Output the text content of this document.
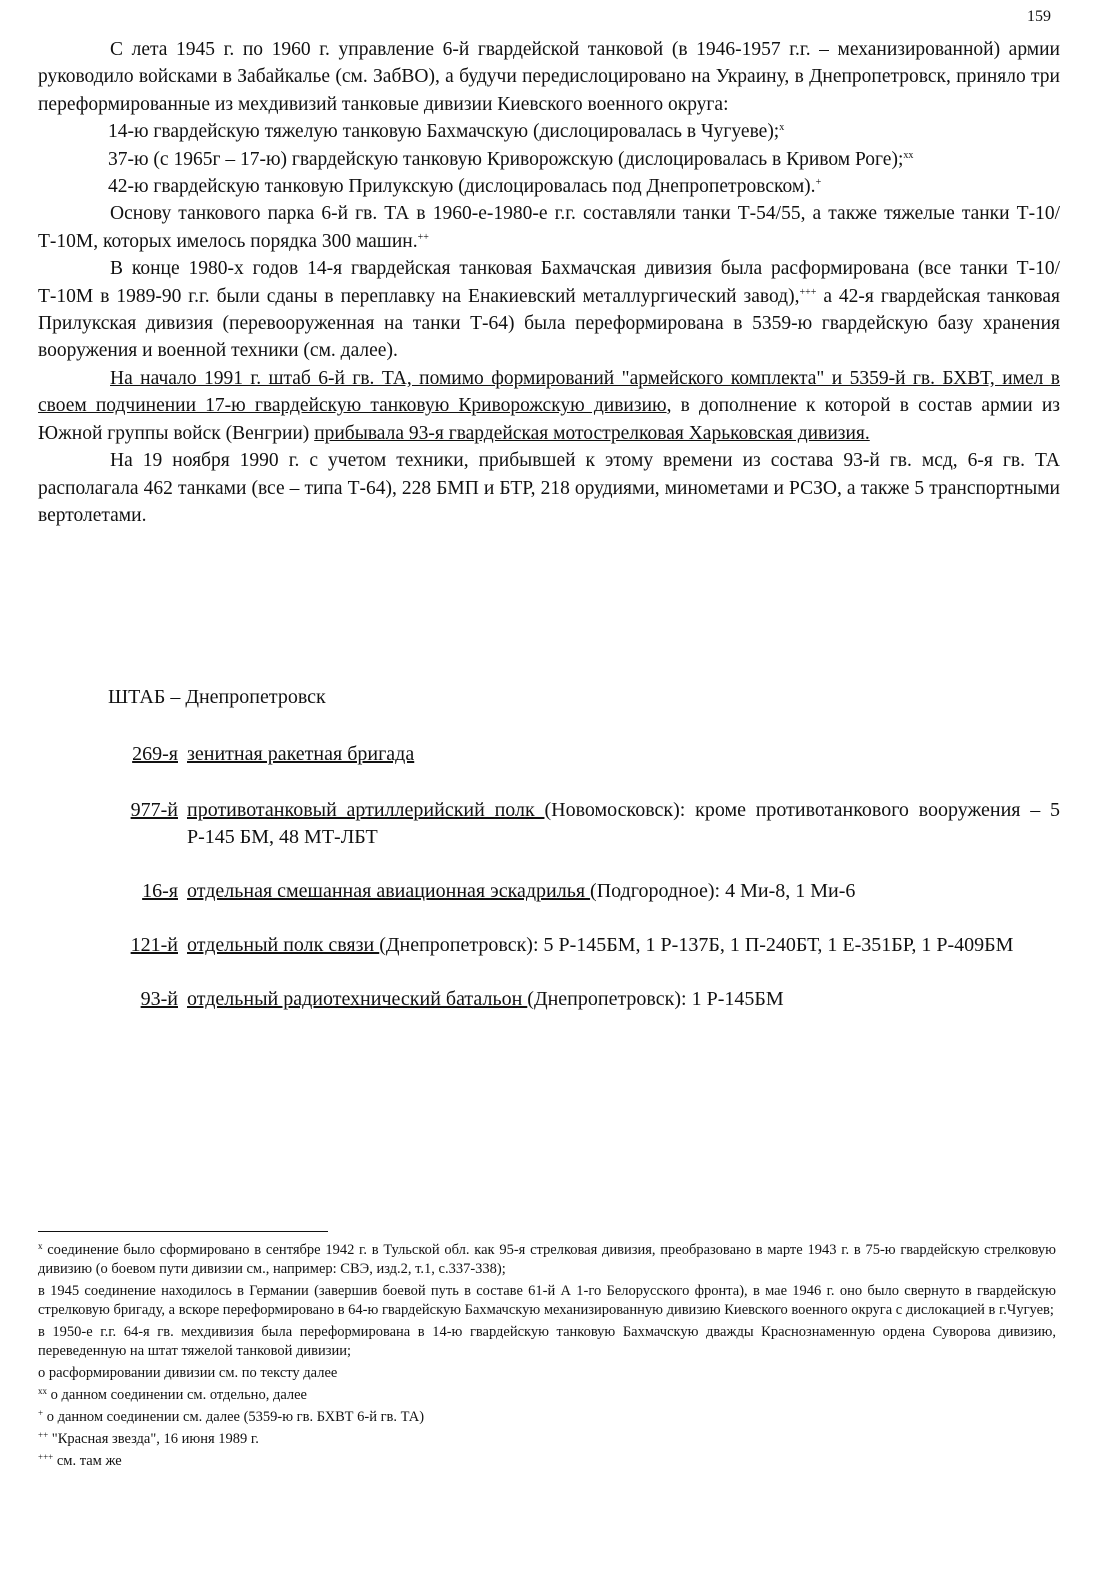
159

С лета 1945 г. по 1960 г. управление 6-й гвардейской танковой (в 1946-1957 г.г. – механизированной) армии руководило войсками в Забайкалье (см. ЗабВО), а будучи передислоцировано на Украину, в Днепропетровск, приняло три переформированные из мехдивизий танковые дивизии Киевского военного округа:

14-ю гвардейскую тяжелую танковую Бахмачскую (дислоцировалась в Чугуеве);$^x$

37-ю (с 1965г – 17-ю) гвардейскую танковую Криворожскую (дислоцировалась в Кривом Роге);$^{xx}$

42-ю гвардейскую танковую Прилукскую (дислоцировалась под Днепропетровском).+

Основу танкового парка 6-й гв. ТА в 1960-е-1980-е г.г. составляли танки Т-54/55, а также тяжелые танки Т-10/Т-10М, которых имелось порядка 300 машин.++

В конце 1980-х годов 14-я гвардейская танковая Бахмачская дивизия была расформирована (все танки Т-10/Т-10М в 1989-90 г.г. были сданы в переплавку на Енакиевский металлургический завод),+++ а 42-я гвардейская танковая Прилукская дивизия (перевооруженная на танки Т-64) была переформирована в 5359-ю гвардейскую базу хранения вооружения и военной техники (см. далее).

На начало 1991 г. штаб 6-й гв. ТА, помимо формирований "армейского комплекта" и 5359-й гв. БХВТ, имел в своем подчинении 17-ю гвардейскую танковую Криворожскую дивизию, в дополнение к которой в состав армии из Южной группы войск (Венгрии) прибывала 93-я гвардейская мотострелковая Харьковская дивизия.

На 19 ноября 1990 г. с учетом техники, прибывшей к этому времени из состава 93-й гв. мсд, 6-я гв. ТА располагала 462 танками (все – типа Т-64), 228 БМП и БТР, 218 орудиями, минометами и РСЗО, а также 5 транспортными вертолетами.

ШТАБ – Днепропетровск
269-я зенитная ракетная бригада
977-й противотанковый артиллерийский полк (Новомосковск): кроме противотанкового вооружения – 5 Р-145 БМ, 48 МТ-ЛБТ
16-я отдельная смешанная авиационная эскадрилья (Подгородное): 4 Ми-8, 1 Ми-6
121-й отдельный полк связи (Днепропетровск): 5 Р-145БМ, 1 Р-137Б, 1 П-240БТ, 1 Е-351БР, 1 Р-409БМ
93-й отдельный радиотехнический батальон (Днепропетровск): 1 Р-145БМ

$^x$ соединение было сформировано в сентябре 1942 г. в Тульской обл. как 95-я стрелковая дивизия, преобразовано в марте 1943 г. в 75-ю гвардейскую стрелковую дивизию (о боевом пути дивизии см., например: СВЭ, изд.2, т.1, с.337-338);

в 1945 соединение находилось в Германии (завершив боевой путь в составе 61-й А 1-го Белорусского фронта), в мае 1946 г. оно было свернуто в гвардейскую стрелковую бригаду, а вскоре переформировано в 64-ю гвардейскую Бахмачскую механизированную дивизию Киевского военного округа с дислокацией в г.Чугуев;

в 1950-е г.г. 64-я гв. мехдивизия была переформирована в 14-ю гвардейскую танковую Бахмачскую дважды Краснознаменную ордена Суворова дивизию, переведенную на штат тяжелой танковой дивизии;

о расформировании дивизии см. по тексту далее

$^{xx}$ о данном соединении см. отдельно, далее

+ о данном соединении см. далее (5359-ю гв. БХВТ 6-й гв. ТА)

++ "Красная звезда", 16 июня 1989 г.

+++ см. там же
